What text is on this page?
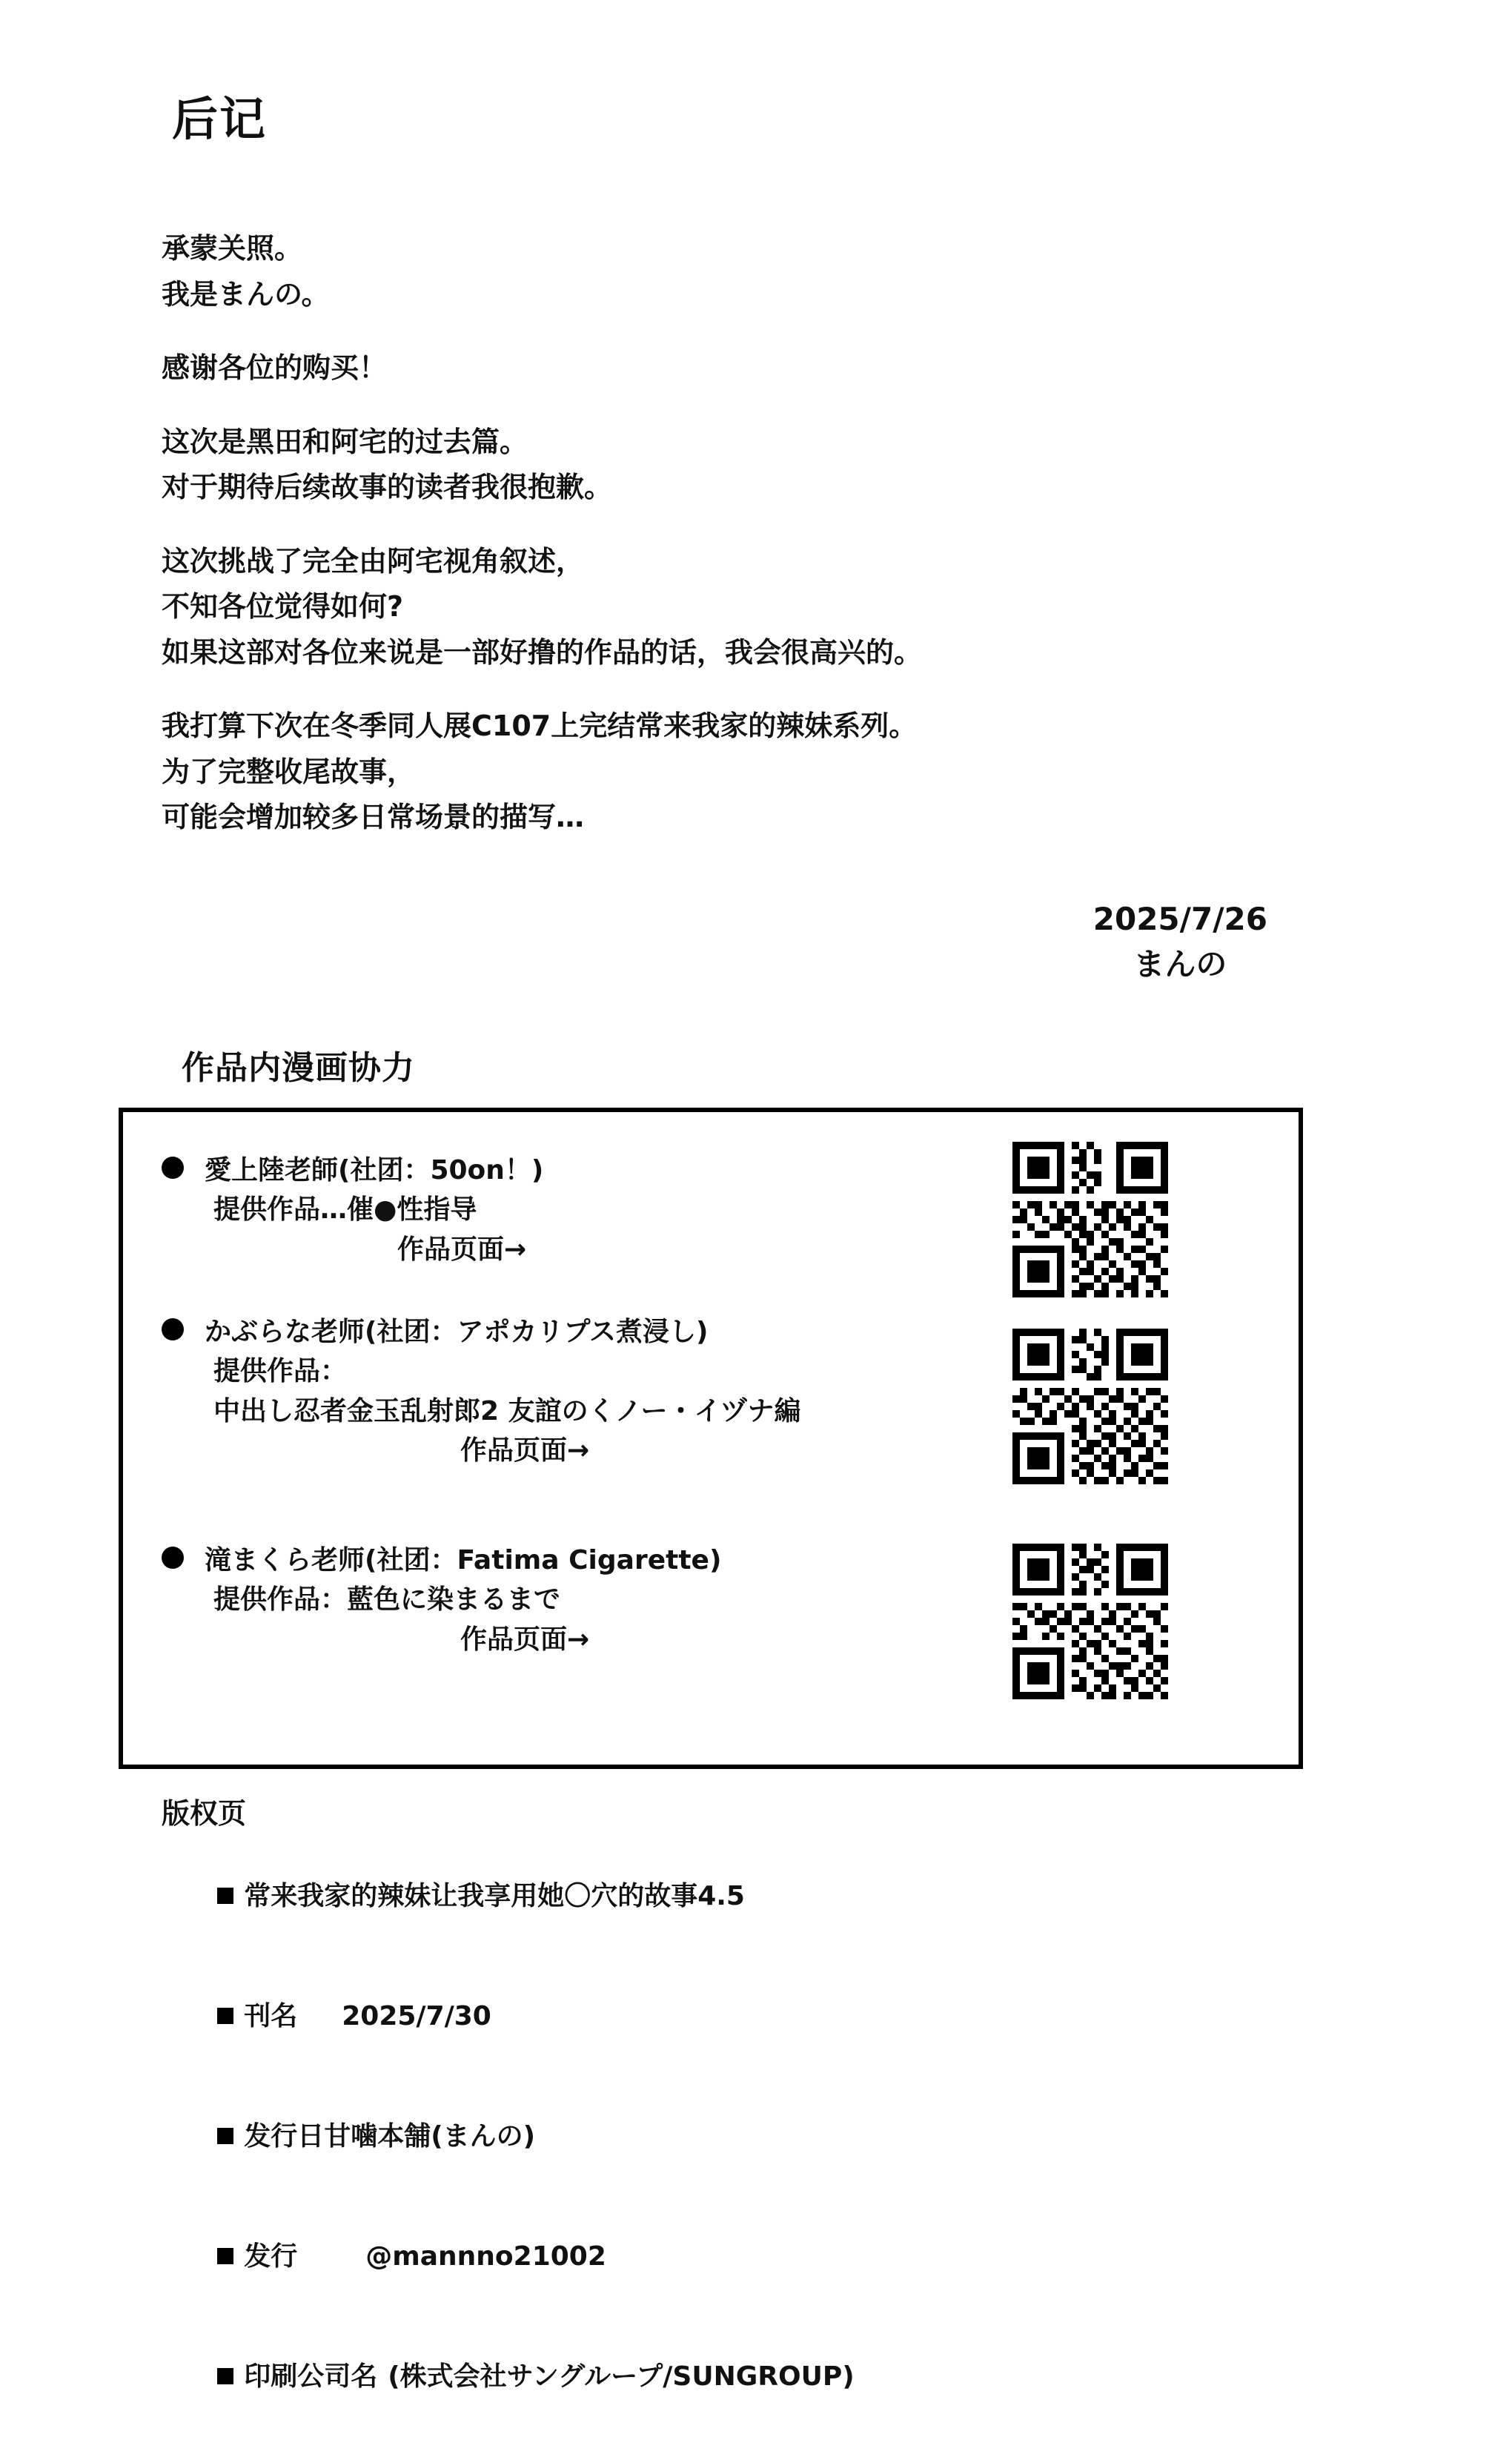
后记
承蒙关照。
我是まんの。
感谢各位的购买！
这次是黑田和阿宅的过去篇。
对于期待后续故事的读者我很抱歉。
这次挑战了完全由阿宅视角叙述，
不知各位觉得如何?
如果这部对各位来说是一部好撸的作品的话，我会很高兴的。
我打算下次在冬季同人展C107上完结常来我家的辣妹系列。
为了完整收尾故事，
可能会增加较多日常场景的描写…
2025/7/26
まんの
作品内漫画协力
愛上陸老師(社团：50on！)
提供作品…催●性指导
作品页面→
かぶらな老师(社团：アポカリプス煮浸し)
提供作品：
中出し忍者金玉乱射郎2 友誼のくノー・イヅナ編
作品页面→
滝まくら老师(社团：Fatima Cigarette)
提供作品：藍色に染まるまで
作品页面→
版权页

常来我家的辣妹让我享用她〇穴的故事4.5

刊名 2025/7/30

发行日甘噛本舗(まんの)

发行	@mannno21002

印刷公司名 (株式会社サングループ/SUNGROUP)
